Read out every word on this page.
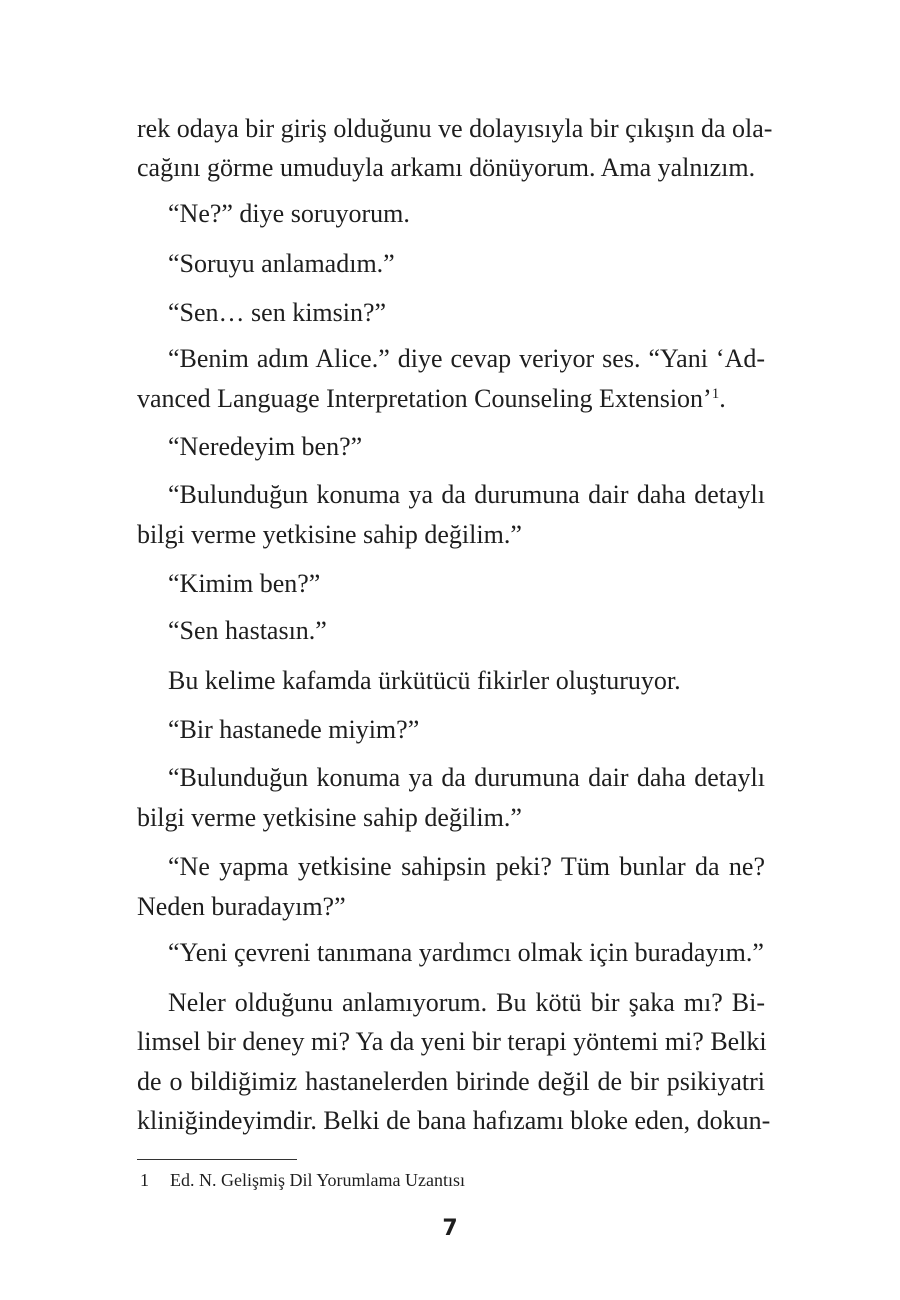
rek odaya bir giriş olduğunu ve dolayısıyla bir çıkışın da ola-
cağını görme umuduyla arkamı dönüyorum. Ama yalnızım.
“Ne?” diye soruyorum.
“Soruyu anlamadım.”
“Sen… sen kimsin?”
“Benim adım Alice.” diye cevap veriyor ses. “Yani ‘Ad-
vanced Language Interpretation Counseling Extension’$^1$.
“Neredeyim ben?”
“Bulunduğun konuma ya da durumuna dair daha detaylı
bilgi verme yetkisine sahip değilim.”
“Kimim ben?”
“Sen hastasın.”
Bu kelime kafamda ürkütücü fikirler oluşturuyor.
“Bir hastanede miyim?”
“Bulunduğun konuma ya da durumuna dair daha detaylı
bilgi verme yetkisine sahip değilim.”
“Ne yapma yetkisine sahipsin peki? Tüm bunlar da ne?
Neden buradayım?”
“Yeni çevreni tanımana yardımcı olmak için buradayım.”
Neler olduğunu anlamıyorum. Bu kötü bir şaka mı? Bi-
limsel bir deney mi? Ya da yeni bir terapi yöntemi mi? Belki
de o bildiğimiz hastanelerden birinde değil de bir psikiyatri
kliniğindeyimdir. Belki de bana hafızamı bloke eden, dokun-
1 Ed. N. Gelişmiş Dil Yorumlama Uzantısı
7
